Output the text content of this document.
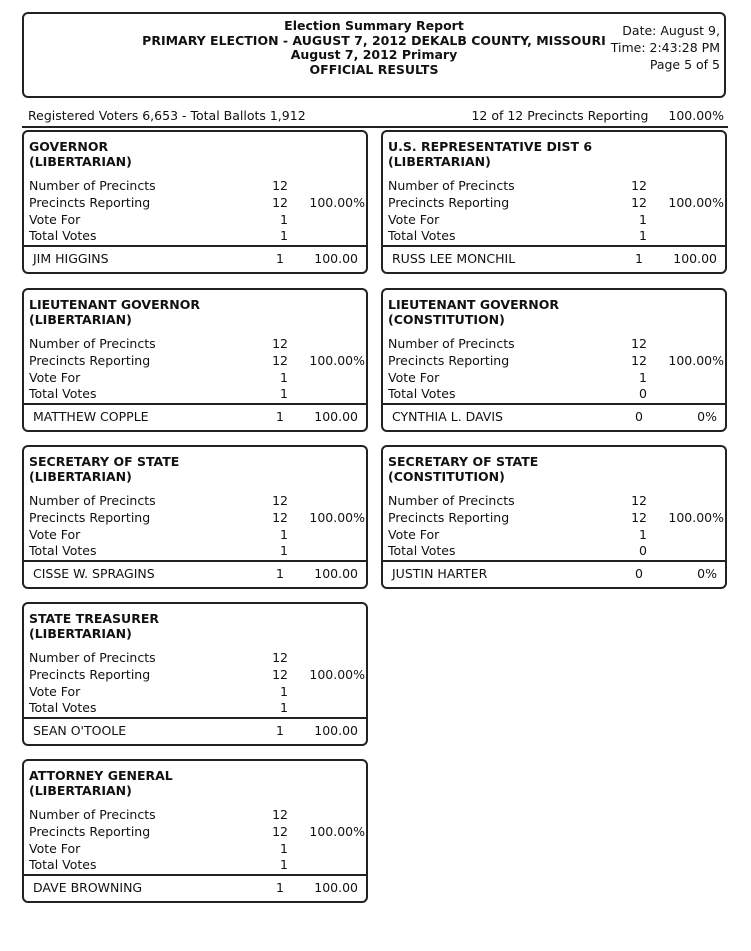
Election Summary Report
PRIMARY ELECTION - AUGUST 7, 2012 DEKALB COUNTY, MISSOURI
August 7, 2012 Primary
OFFICIAL RESULTS
Date: August 9,
Time: 2:43:28 PM
Page 5 of 5
Registered Voters 6,653 - Total Ballots 1,912	12 of 12 Precincts Reporting 100.00%
GOVERNOR
(LIBERTARIAN)
Number of Precincts	12
Precincts Reporting	12 100.00%
Vote For	1
Total Votes	1
JIM HIGGINS	1 100.00
U.S. REPRESENTATIVE DIST 6
(LIBERTARIAN)
Number of Precincts	12
Precincts Reporting	12 100.00%
Vote For	1
Total Votes	1
RUSS LEE MONCHIL	1 100.00
LIEUTENANT GOVERNOR
(LIBERTARIAN)
Number of Precincts	12
Precincts Reporting	12 100.00%
Vote For	1
Total Votes	1
MATTHEW COPPLE	1 100.00
LIEUTENANT GOVERNOR
(CONSTITUTION)
Number of Precincts	12
Precincts Reporting	12 100.00%
Vote For	1
Total Votes	0
CYNTHIA L. DAVIS	0	0%
SECRETARY OF STATE
(LIBERTARIAN)
Number of Precincts	12
Precincts Reporting	12 100.00%
Vote For	1
Total Votes	1
CISSE W. SPRAGINS	1 100.00
SECRETARY OF STATE
(CONSTITUTION)
Number of Precincts	12
Precincts Reporting	12 100.00%
Vote For	1
Total Votes	0
JUSTIN HARTER	0	0%
STATE TREASURER
(LIBERTARIAN)
Number of Precincts	12
Precincts Reporting	12 100.00%
Vote For	1
Total Votes	1
SEAN O'TOOLE	1 100.00
ATTORNEY GENERAL
(LIBERTARIAN)
Number of Precincts	12
Precincts Reporting	12 100.00%
Vote For	1
Total Votes	1
DAVE BROWNING	1 100.00
